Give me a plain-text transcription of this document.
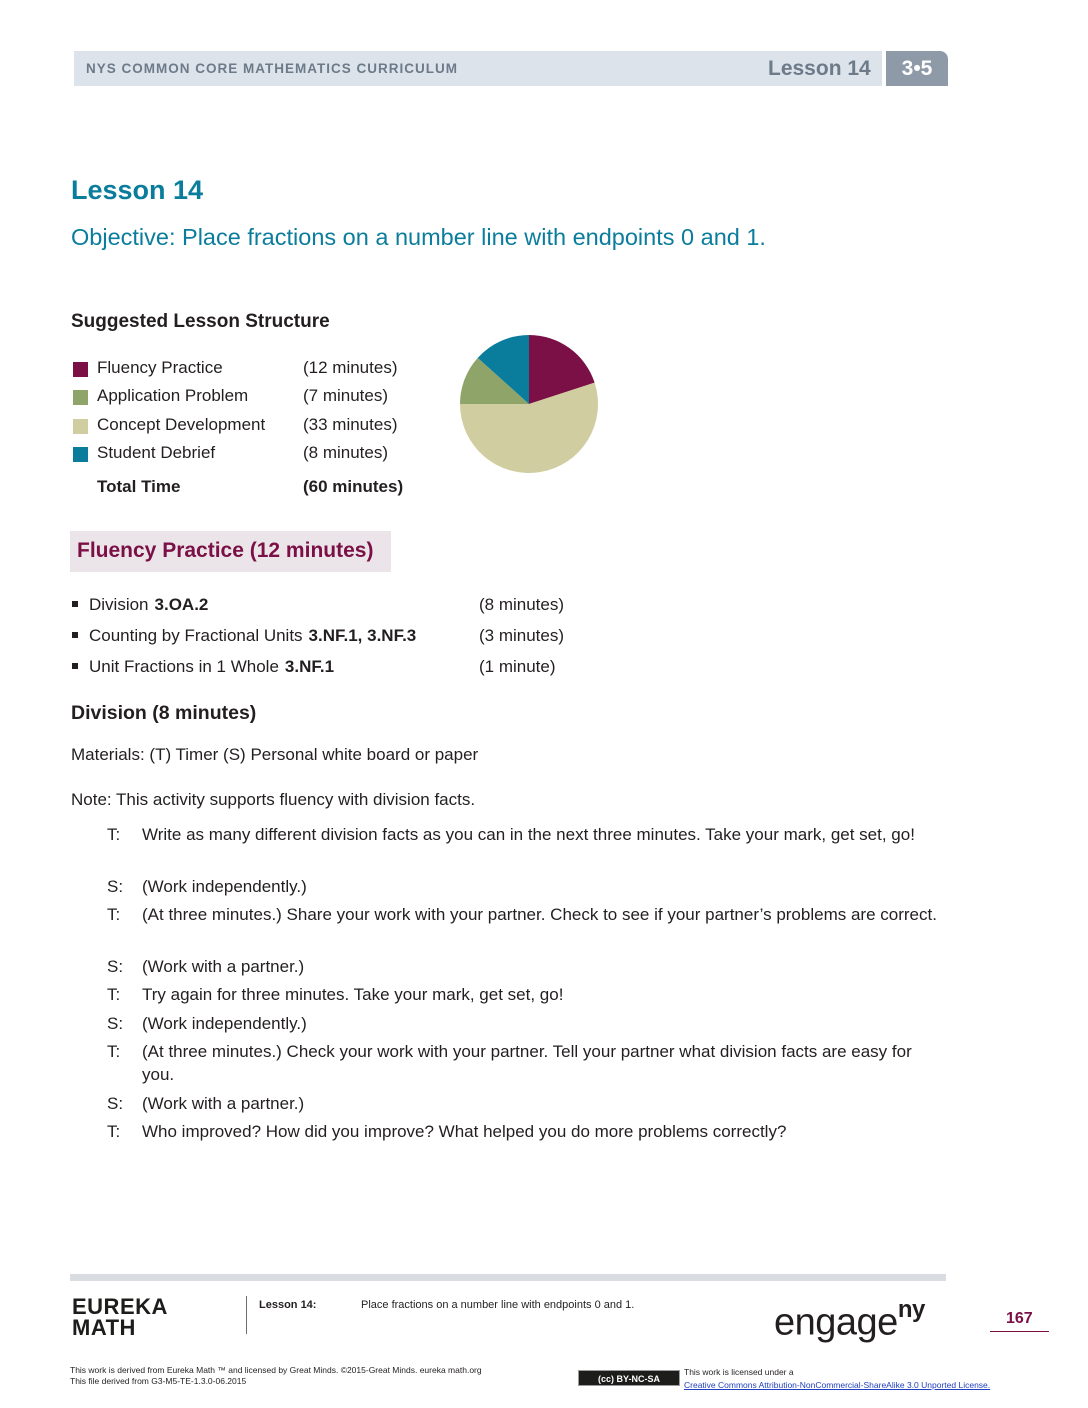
NYS COMMON CORE MATHEMATICS CURRICULUM	Lesson 14	3•5
Lesson 14
Objective: Place fractions on a number line with endpoints 0 and 1.
Suggested Lesson Structure
Fluency Practice	(12 minutes)
Application Problem	(7 minutes)
Concept Development (33 minutes)
Student Debrief	(8 minutes)
Total Time	(60 minutes)
Fluency Practice (12 minutes)
Division 3.OA.2	(8 minutes)
Counting by Fractional Units 3.NF.1, 3.NF.3	(3 minutes)
Unit Fractions in 1 Whole 3.NF.1	(1 minute)
Division (8 minutes)
Materials: (T) Timer (S) Personal white board or paper
Note: This activity supports fluency with division facts.
T: Write as many different division facts as you can in the next three minutes. Take your mark, get set, go!
S: (Work independently.)
T: (At three minutes.) Share your work with your partner. Check to see if your partner’s problems are correct.
S: (Work with a partner.)
T: Try again for three minutes. Take your mark, get set, go!
S: (Work independently.)
T: (At three minutes.) Check your work with your partner. Tell your partner what division facts are easy for you.
S: (Work with a partner.)
T: Who improved? How did you improve? What helped you do more problems correctly?
EUREKA
MATH
Lesson 14:	Place fractions on a number line with endpoints 0 and 1.	engage$^{ny}$	167
This work is derived from Eureka Math ™ and licensed by Great Minds. ©2015-Great Minds. eureka math.org
This file derived from G3-M5-TE-1.3.0-06.2015	(cc) BY-NC-SA
This work is licensed under a
Creative Commons Attribution-NonCommercial-ShareAlike 3.0 Unported License.
